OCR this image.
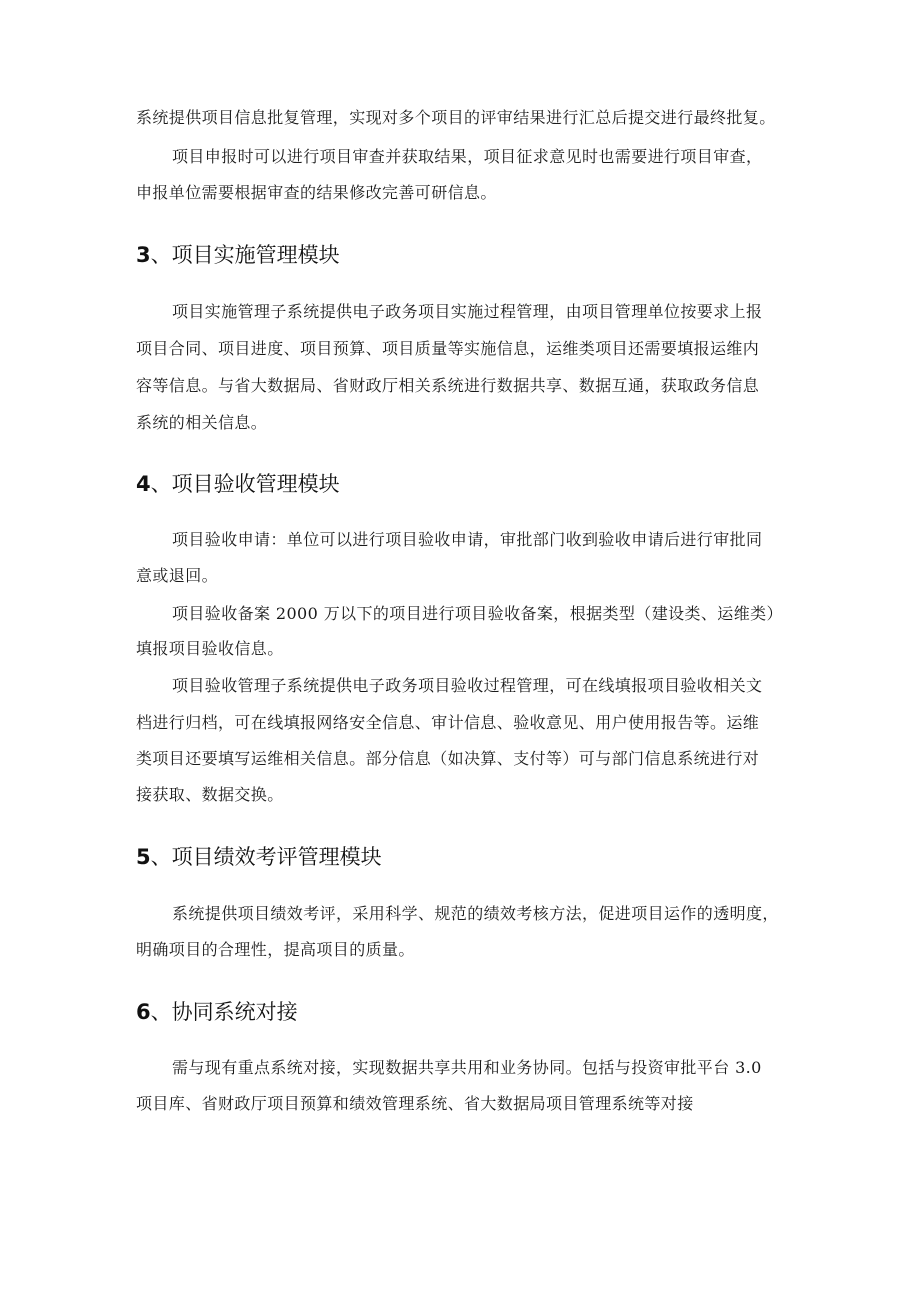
系统提供项目信息批复管理，实现对多个项目的评审结果进行汇总后提交进行最终批复。
项目申报时可以进行项目审查并获取结果，项目征求意见时也需要进行项目审查，
申报单位需要根据审查的结果修改完善可研信息。
3、项目实施管理模块
项目实施管理子系统提供电子政务项目实施过程管理，由项目管理单位按要求上报
项目合同、项目进度、项目预算、项目质量等实施信息，运维类项目还需要填报运维内
容等信息。与省大数据局、省财政厅相关系统进行数据共享、数据互通，获取政务信息
系统的相关信息。
4、项目验收管理模块
项目验收申请：单位可以进行项目验收申请，审批部门收到验收申请后进行审批同
意或退回。
项目验收备案 2000 万以下的项目进行项目验收备案，根据类型（建设类、运维类）
填报项目验收信息。
项目验收管理子系统提供电子政务项目验收过程管理，可在线填报项目验收相关文
档进行归档，可在线填报网络安全信息、审计信息、验收意见、用户使用报告等。运维
类项目还要填写运维相关信息。部分信息（如决算、支付等）可与部门信息系统进行对
接获取、数据交换。
5、项目绩效考评管理模块
系统提供项目绩效考评，采用科学、规范的绩效考核方法，促进项目运作的透明度，
明确项目的合理性，提高项目的质量。
6、协同系统对接
需与现有重点系统对接，实现数据共享共用和业务协同。包括与投资审批平台 3.0
项目库、省财政厅项目预算和绩效管理系统、省大数据局项目管理系统等对接
